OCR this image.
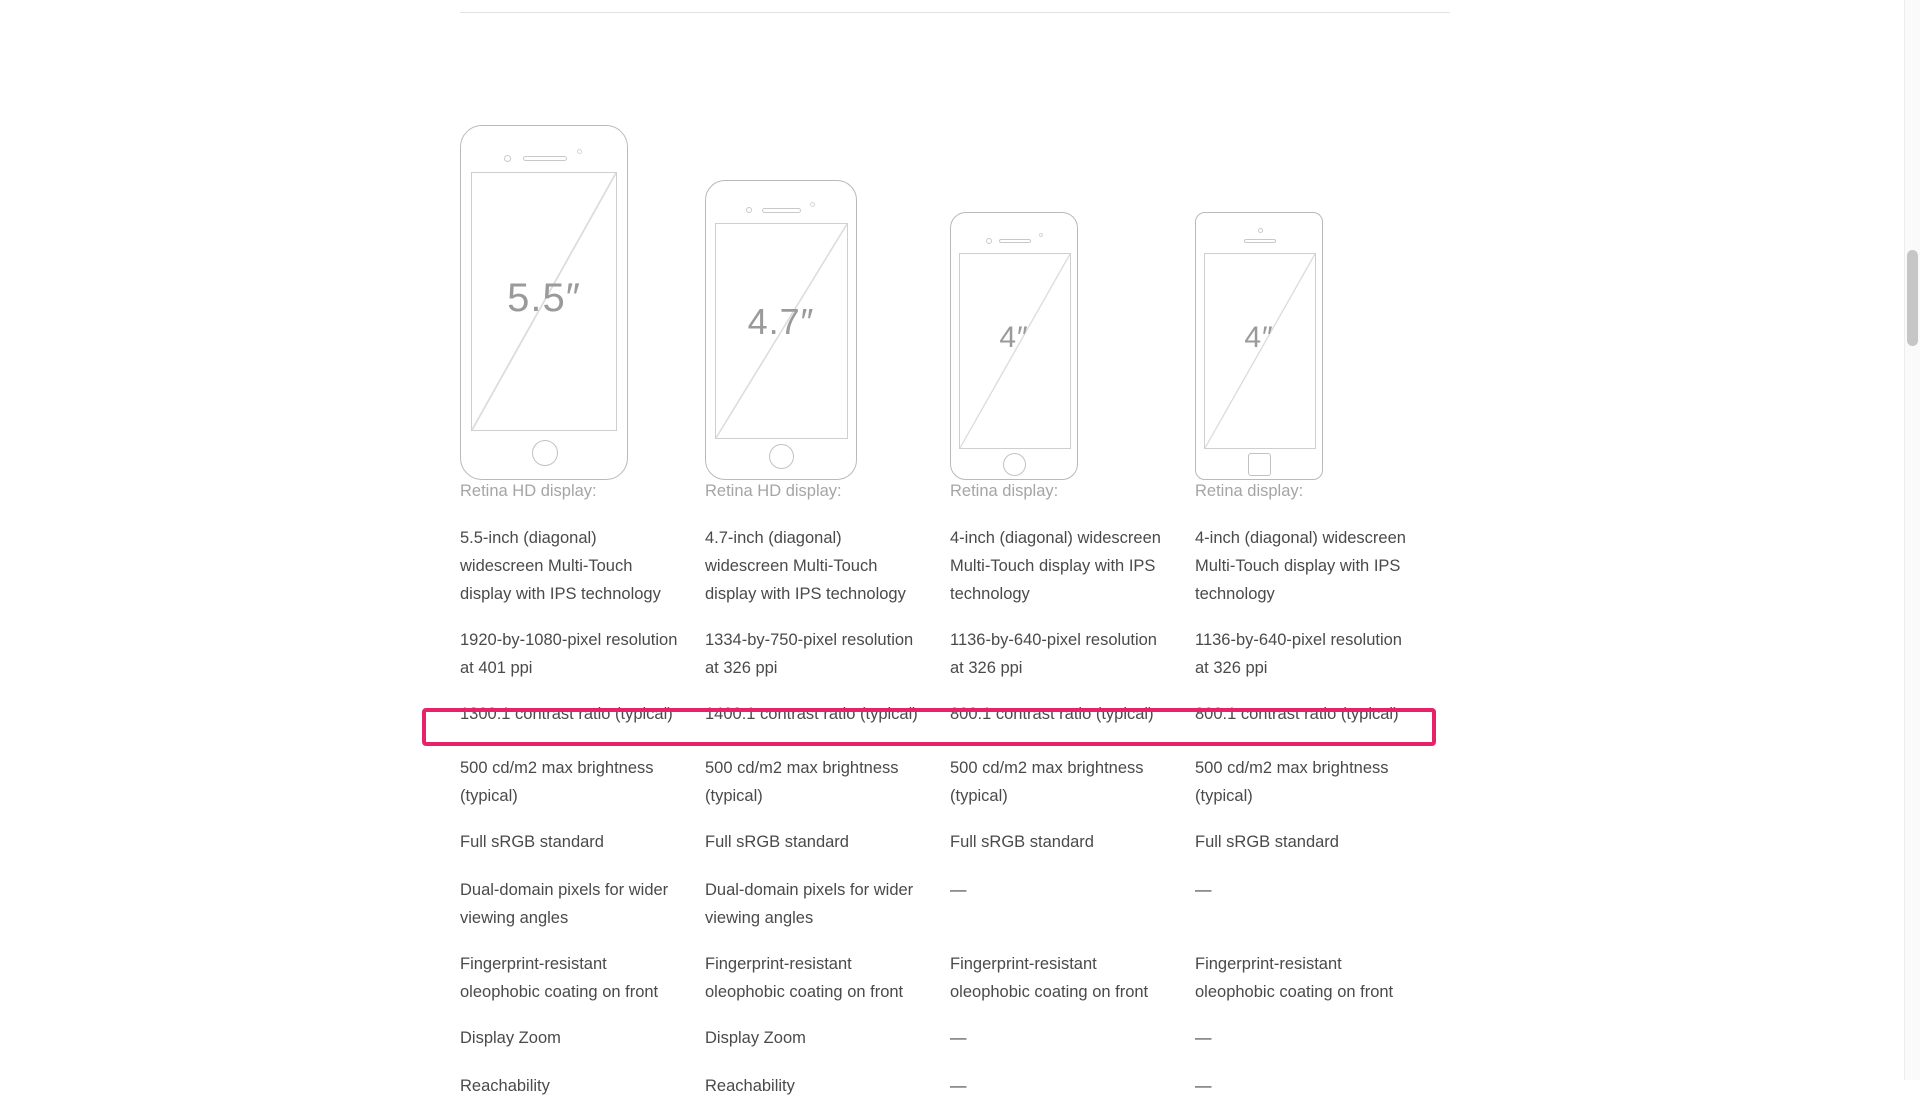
5.5″

Retina HD display:

5.5-inch (diagonal) widescreen Multi-Touch display with IPS technology

1920-by-1080-pixel resolution at 401 ppi

1300:1 contrast ratio (typical)

500 cd/m2 max brightness (typical)

Full sRGB standard

Dual-domain pixels for wider viewing angles

Fingerprint-resistant oleophobic coating on front

Display Zoom

Reachability

4.7″

Retina HD display:

4.7-inch (diagonal) widescreen Multi-Touch display with IPS technology

1334-by-750-pixel resolution at 326 ppi

1400:1 contrast ratio (typical)

500 cd/m2 max brightness (typical)

Full sRGB standard

Dual-domain pixels for wider viewing angles

Fingerprint-resistant oleophobic coating on front

Display Zoom

Reachability

4″

Retina display:

4-inch (diagonal) widescreen Multi-Touch display with IPS technology

1136-by-640-pixel resolution at 326 ppi

800:1 contrast ratio (typical)

500 cd/m2 max brightness (typical)

Full sRGB standard

—

Fingerprint-resistant oleophobic coating on front

—

—

4″

Retina display:

4-inch (diagonal) widescreen Multi-Touch display with IPS technology

1136-by-640-pixel resolution at 326 ppi

800:1 contrast ratio (typical)

500 cd/m2 max brightness (typical)

Full sRGB standard

—

Fingerprint-resistant oleophobic coating on front

—

—
